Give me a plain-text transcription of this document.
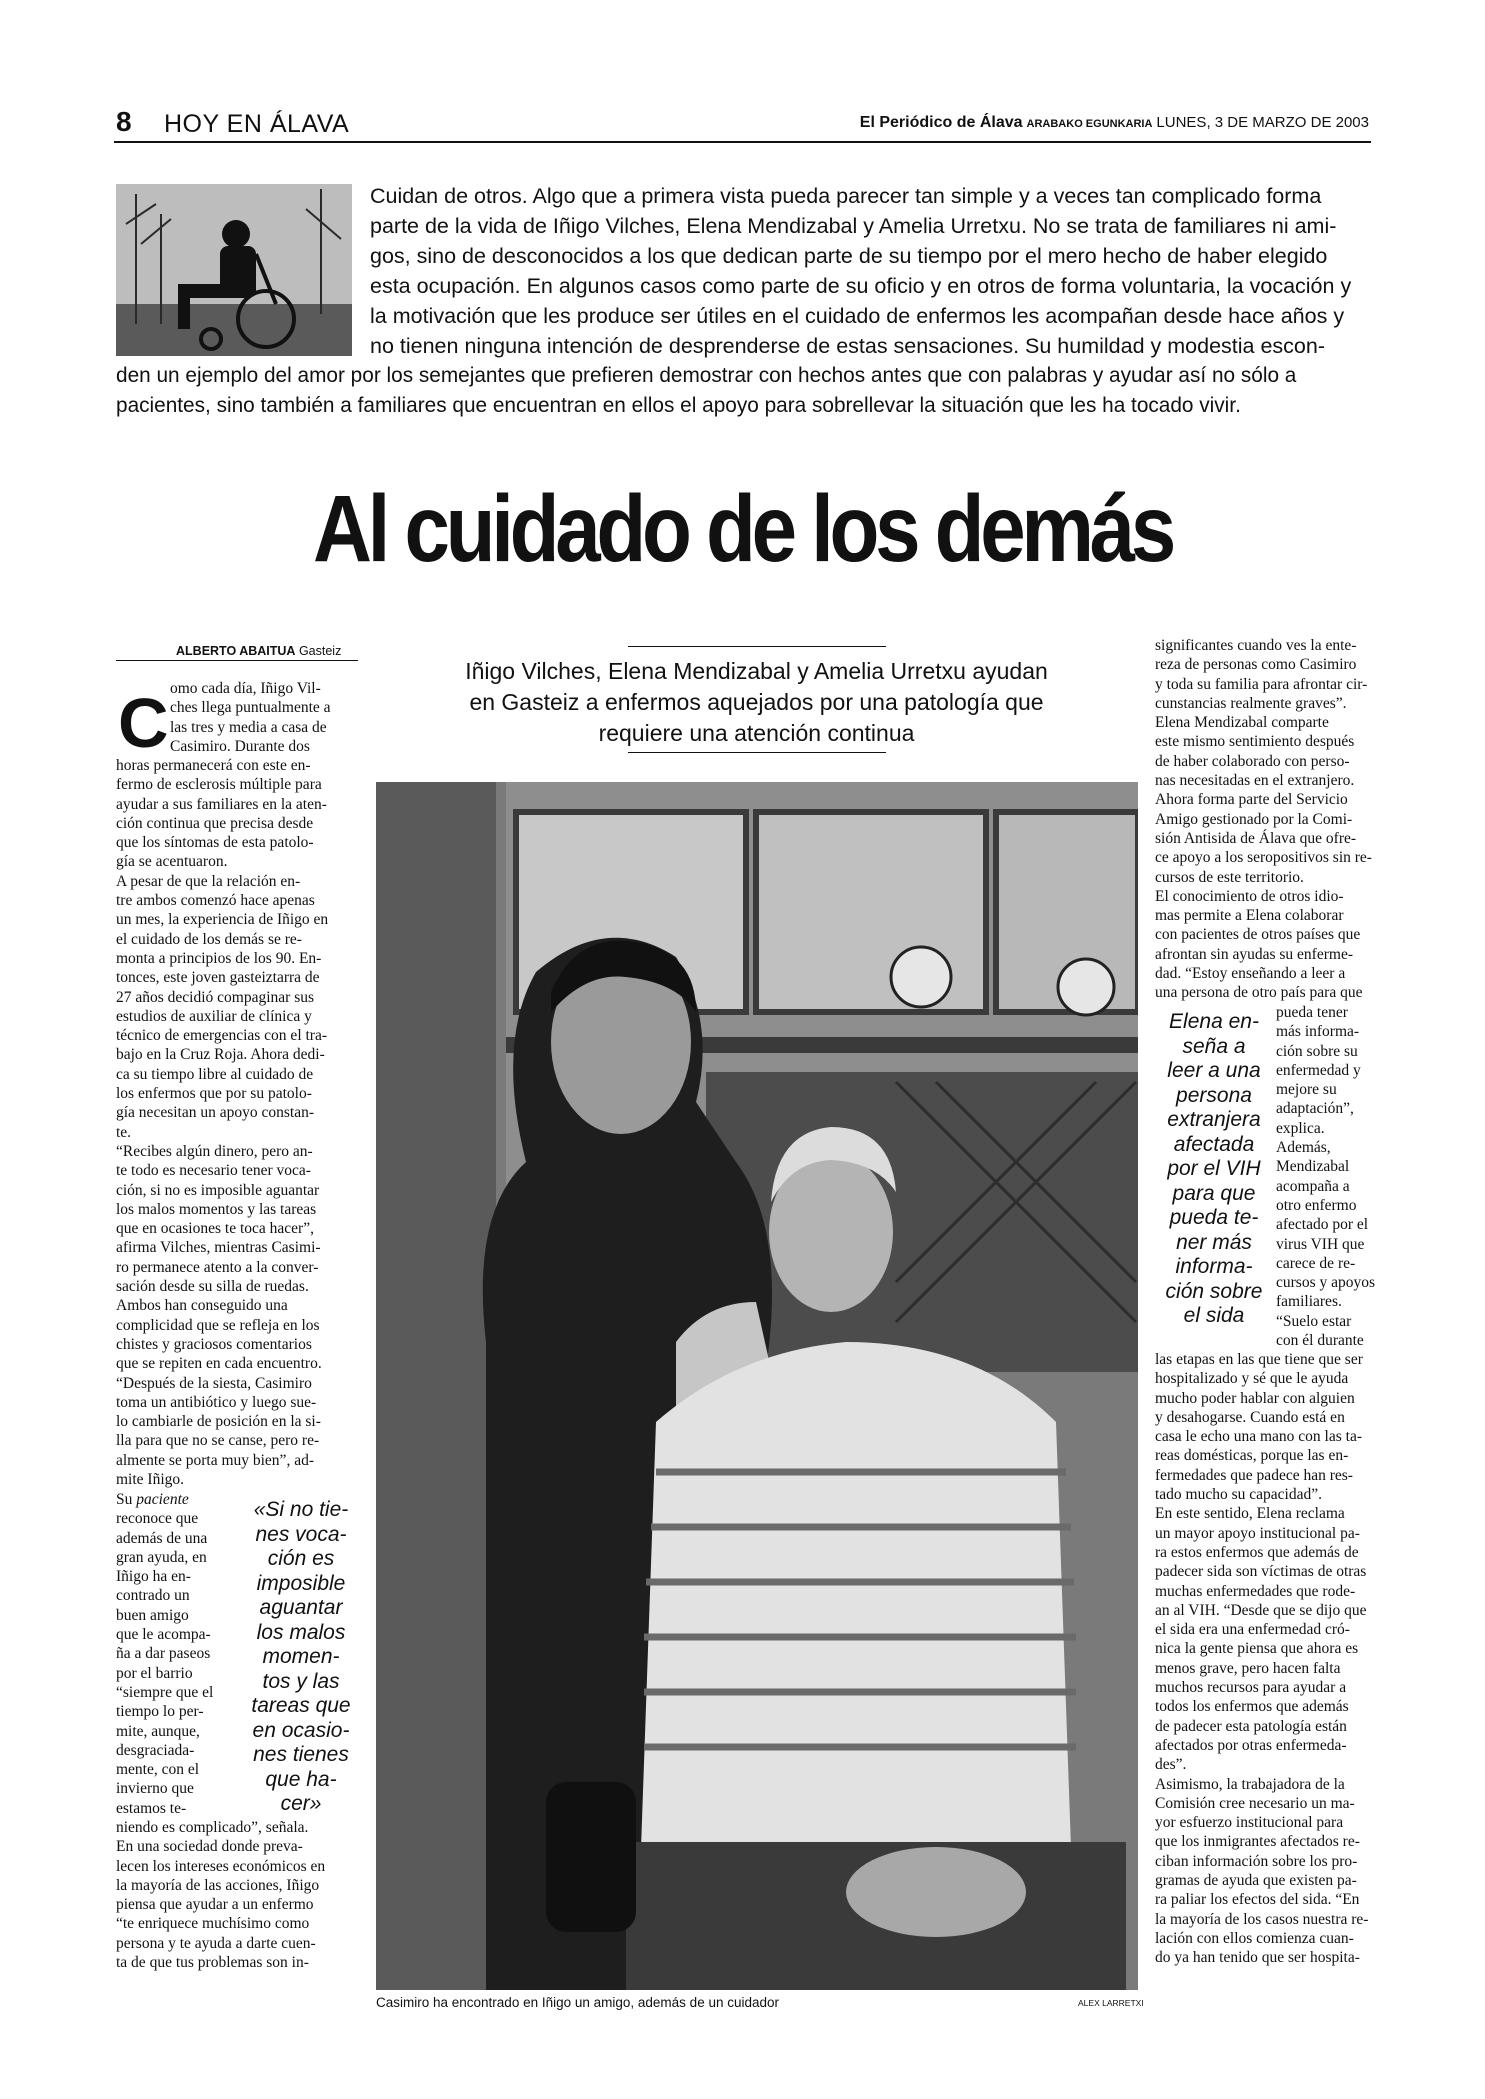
8 HOY EN ÁLAVA	El Periódico de Álava ARABAKO EGUNKARIA LUNES, 3 DE MARZO DE 2003
Cuidan de otros. Algo que a primera vista pueda parecer tan simple y a veces tan complicado forma
parte de la vida de Iñigo Vilches, Elena Mendizabal y Amelia Urretxu. No se trata de familiares ni ami-
gos, sino de desconocidos a los que dedican parte de su tiempo por el mero hecho de haber elegido
esta ocupación. En algunos casos como parte de su oficio y en otros de forma voluntaria, la vocación y
la motivación que les produce ser útiles en el cuidado de enfermos les acompañan desde hace años y
no tienen ninguna intención de desprenderse de estas sensaciones. Su humildad y modestia escon-
den un ejemplo del amor por los semejantes que prefieren demostrar con hechos antes que con palabras y ayudar así no sólo a
pacientes, sino también a familiares que encuentran en ellos el apoyo para sobrellevar la situación que les ha tocado vivir.
Al cuidado de los demás
ALBERTO ABAITUA Gasteiz
Iñigo Vilches, Elena Mendizabal y Amelia Urretxu ayudan
en Gasteiz a enfermos aquejados por una patología que
requiere una atención continua
C omo cada día, Iñigo Vil-
ches llega puntualmente a
las tres y media a casa de
Casimiro. Durante dos
horas permanecerá con este en-
fermo de esclerosis múltiple para
ayudar a sus familiares en la aten-
ción continua que precisa desde
que los síntomas de esta patolo-
gía se acentuaron.
A pesar de que la relación en-
tre ambos comenzó hace apenas
un mes, la experiencia de Iñigo en
el cuidado de los demás se re-
monta a principios de los 90. En-
tonces, este joven gasteiztarra de
27 años decidió compaginar sus
estudios de auxiliar de clínica y
técnico de emergencias con el tra-
bajo en la Cruz Roja. Ahora dedi-
ca su tiempo libre al cuidado de
los enfermos que por su patolo-
gía necesitan un apoyo constan-
te.
“Recibes algún dinero, pero an-
te todo es necesario tener voca-
ción, si no es imposible aguantar
los malos momentos y las tareas
que en ocasiones te toca hacer”,
afirma Vilches, mientras Casimi-
ro permanece atento a la conver-
sación desde su silla de ruedas.
Ambos han conseguido una
complicidad que se refleja en los
chistes y graciosos comentarios
que se repiten en cada encuentro.
“Después de la siesta, Casimiro
toma un antibiótico y luego sue-
lo cambiarle de posición en la si-
lla para que no se canse, pero re-
almente se porta muy bien”, ad-
mite Iñigo.
Su paciente
reconoce que
además de una
gran ayuda, en
Iñigo ha en-
contrado un
buen amigo
que le acompa-
ña a dar paseos
por el barrio
“siempre que el
tiempo lo per-
mite, aunque,
desgraciada-
mente, con el
invierno que
estamos te-
niendo es complicado”, señala.
En una sociedad donde preva-
lecen los intereses económicos en
la mayoría de las acciones, Iñigo
piensa que ayudar a un enfermo
“te enriquece muchísimo como
persona y te ayuda a darte cuen-
ta de que tus problemas son in-
«Si no tie-
nes voca-
ción es
imposible
aguantar
los malos
momen-
tos y las
tareas que
en ocasio-
nes tienes
que ha-
cer»
Casimiro ha encontrado en Iñigo un amigo, además de un cuidador	ALEX LARRETXI
significantes cuando ves la ente-
reza de personas como Casimiro
y toda su familia para afrontar cir-
cunstancias realmente graves”.
Elena Mendizabal comparte
este mismo sentimiento después
de haber colaborado con perso-
nas necesitadas en el extranjero.
Ahora forma parte del Servicio
Amigo gestionado por la Comi-
sión Antisida de Álava que ofre-
ce apoyo a los seropositivos sin re-
cursos de este territorio.
El conocimiento de otros idio-
mas permite a Elena colaborar
con pacientes de otros países que
afrontan sin ayudas su enferme-
dad. “Estoy enseñando a leer a
una persona de otro país para que
pueda tener
más informa-
ción sobre su
enfermedad y
mejore su
adaptación”,
explica.
Además,
Mendizabal
acompaña a
otro enfermo
afectado por el
virus VIH que
carece de re-
cursos y apoyos
familiares.
“Suelo estar
con él durante
las etapas en las que tiene que ser
hospitalizado y sé que le ayuda
mucho poder hablar con alguien
y desahogarse. Cuando está en
casa le echo una mano con las ta-
reas domésticas, porque las en-
fermedades que padece han res-
tado mucho su capacidad”.
En este sentido, Elena reclama
un mayor apoyo institucional pa-
ra estos enfermos que además de
padecer sida son víctimas de otras
muchas enfermedades que rode-
an al VIH. “Desde que se dijo que
el sida era una enfermedad cró-
nica la gente piensa que ahora es
menos grave, pero hacen falta
muchos recursos para ayudar a
todos los enfermos que además
de padecer esta patología están
afectados por otras enfermeda-
des”.
Asimismo, la trabajadora de la
Comisión cree necesario un ma-
yor esfuerzo institucional para
que los inmigrantes afectados re-
ciban información sobre los pro-
gramas de ayuda que existen pa-
ra paliar los efectos del sida. “En
la mayoría de los casos nuestra re-
lación con ellos comienza cuan-
do ya han tenido que ser hospita-
Elena en-
seña a
leer a una
persona
extranjera
afectada
por el VIH
para que
pueda te-
ner más
informa-
ción sobre
el sida
